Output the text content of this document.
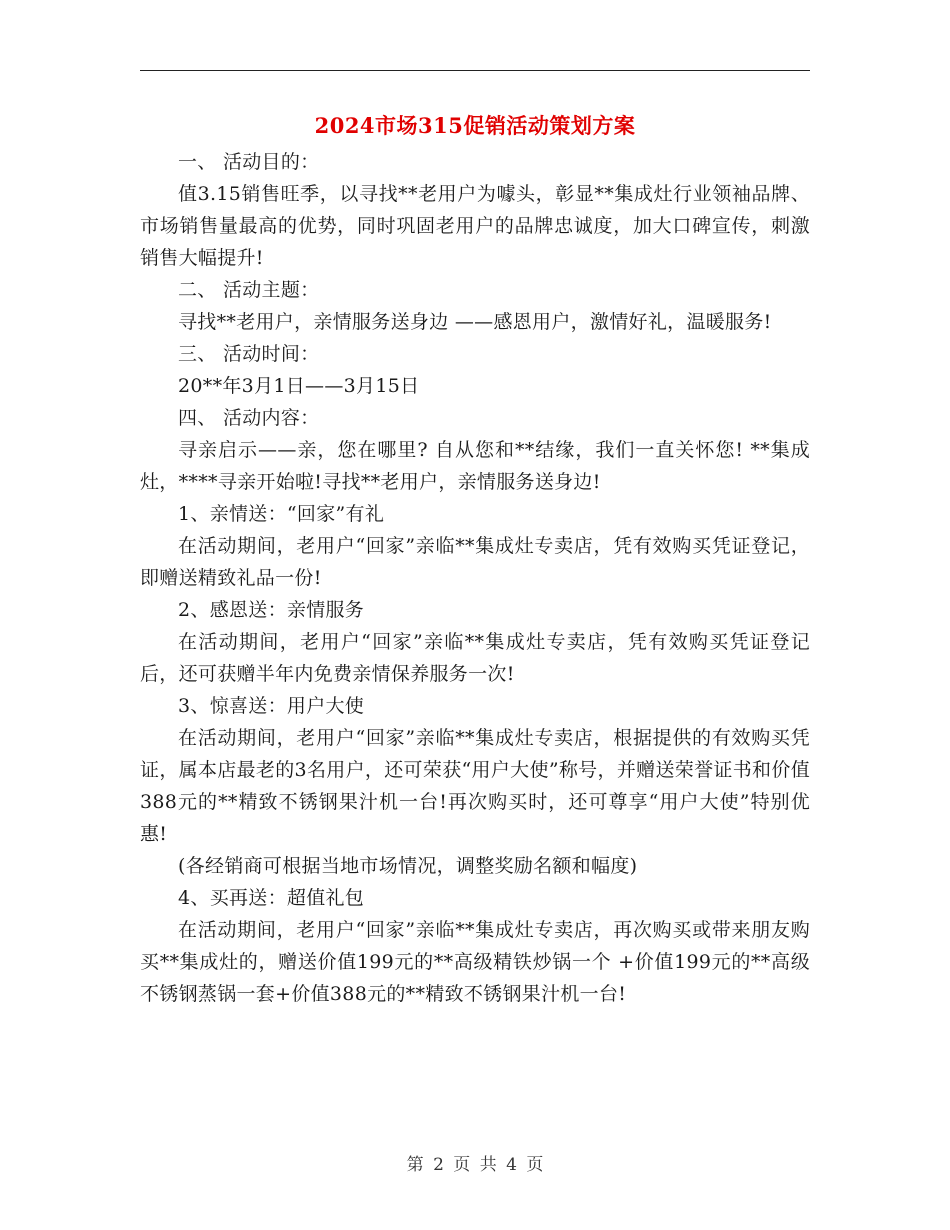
2024市场315促销活动策划方案

一、 活动目的：

值3.15销售旺季，以寻找**老用户为噱头，彰显**集成灶行业领袖品牌、市场销售量最高的优势，同时巩固老用户的品牌忠诚度，加大口碑宣传，刺激销售大幅提升!

二、 活动主题：

寻找**老用户，亲情服务送身边 ——感恩用户，激情好礼，温暖服务!

三、 活动时间：

20**年3月1日——3月15日

四、 活动内容：

寻亲启示——亲，您在哪里? 自从您和**结缘，我们一直关怀您! **集成灶，****寻亲开始啦!寻找**老用户，亲情服务送身边!

1、亲情送：“回家”有礼

在活动期间，老用户“回家”亲临**集成灶专卖店，凭有效购买凭证登记，即赠送精致礼品一份!

2、感恩送：亲情服务

在活动期间，老用户“回家”亲临**集成灶专卖店，凭有效购买凭证登记后，还可获赠半年内免费亲情保养服务一次!

3、惊喜送：用户大使

在活动期间，老用户“回家”亲临**集成灶专卖店，根据提供的有效购买凭证，属本店最老的3名用户，还可荣获“用户大使”称号，并赠送荣誉证书和价值388元的**精致不锈钢果汁机一台!再次购买时，还可尊享“用户大使”特别优惠!

(各经销商可根据当地市场情况，调整奖励名额和幅度)

4、买再送：超值礼包

在活动期间，老用户“回家”亲临**集成灶专卖店，再次购买或带来朋友购买**集成灶的，赠送价值199元的**高级精铁炒锅一个 +价值199元的**高级不锈钢蒸锅一套+价值388元的**精致不锈钢果汁机一台!

第 2 页 共 4 页
